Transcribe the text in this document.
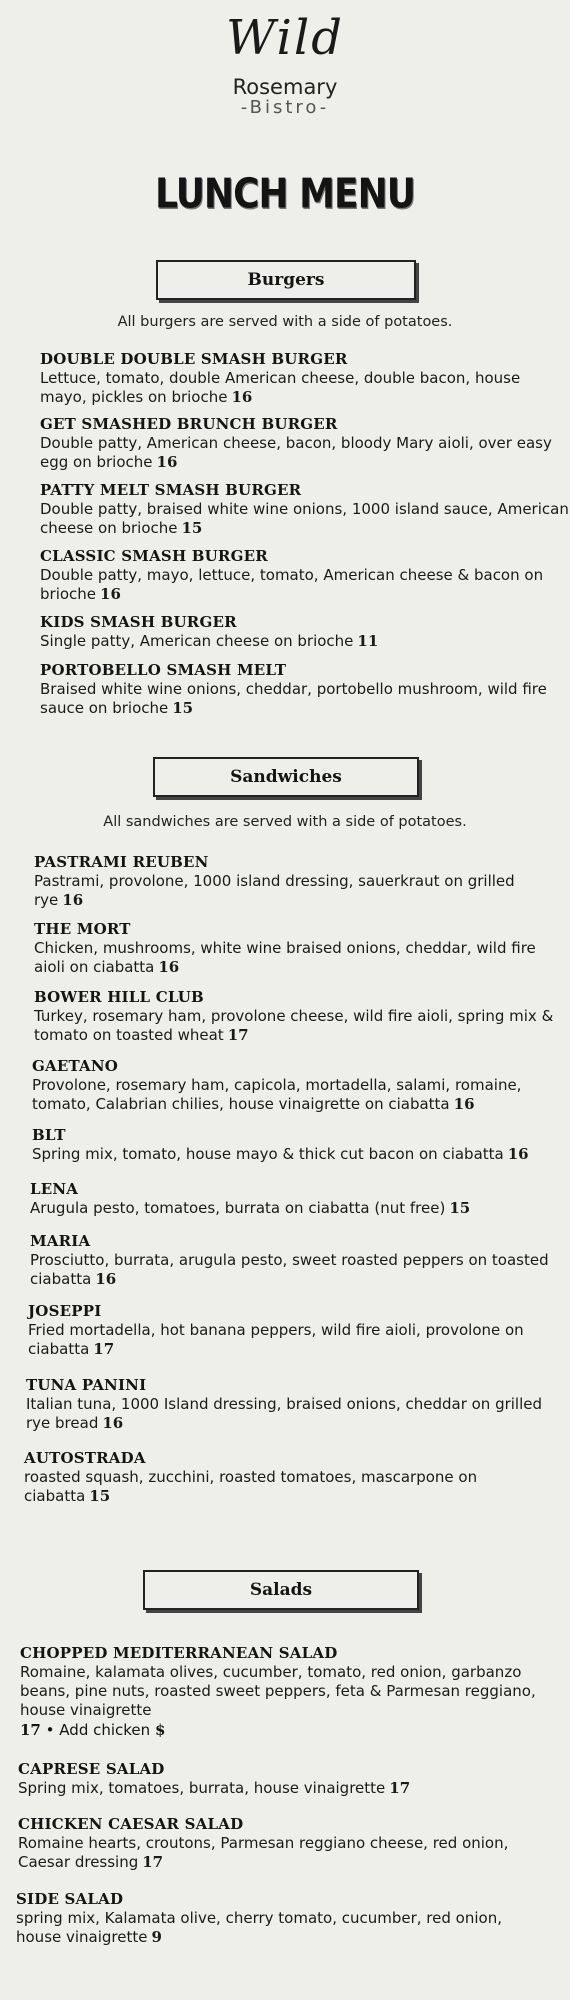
Wild
Rosemary
-Bistro-
LUNCH MENU
Burgers
All burgers are served with a side of potatoes.
DOUBLE DOUBLE SMASH BURGER
Lettuce, tomato, double American cheese, double bacon, house mayo, pickles on brioche 16
GET SMASHED BRUNCH BURGER
Double patty, American cheese, bacon, bloody Mary aioli, over easy egg on brioche 16
PATTY MELT SMASH BURGER
Double patty, braised white wine onions, 1000 island sauce, American cheese on brioche 15
CLASSIC SMASH BURGER
Double patty, mayo, lettuce, tomato, American cheese & bacon on brioche 16
KIDS SMASH BURGER
Single patty, American cheese on brioche 11
PORTOBELLO SMASH MELT
Braised white wine onions, cheddar, portobello mushroom, wild fire sauce on brioche 15
Sandwiches
All sandwiches are served with a side of potatoes.
PASTRAMI REUBEN
Pastrami, provolone, 1000 island dressing, sauerkraut on grilled rye 16
THE MORT
Chicken, mushrooms, white wine braised onions, cheddar, wild fire aioli on ciabatta 16
BOWER HILL CLUB
Turkey, rosemary ham, provolone cheese, wild fire aioli, spring mix & tomato on toasted wheat 17
GAETANO
Provolone, rosemary ham, capicola, mortadella, salami, romaine, tomato, Calabrian chilies, house vinaigrette on ciabatta 16
BLT
Spring mix, tomato, house mayo & thick cut bacon on ciabatta 16
LENA
Arugula pesto, tomatoes, burrata on ciabatta (nut free) 15
MARIA
Prosciutto, burrata, arugula pesto, sweet roasted peppers on toasted ciabatta 16
JOSEPPI
Fried mortadella, hot banana peppers, wild fire aioli, provolone on ciabatta 17
TUNA PANINI
Italian tuna, 1000 Island dressing, braised onions, cheddar on grilled rye bread 16
AUTOSTRADA
roasted squash, zucchini, roasted tomatoes, mascarpone on ciabatta 15
Salads
CHOPPED MEDITERRANEAN SALAD
Romaine, kalamata olives, cucumber, tomato, red onion, garbanzo beans, pine nuts, roasted sweet peppers, feta & Parmesan reggiano, house vinaigrette
17 • Add chicken $
CAPRESE SALAD
Spring mix, tomatoes, burrata, house vinaigrette 17
CHICKEN CAESAR SALAD
Romaine hearts, croutons, Parmesan reggiano cheese, red onion, Caesar dressing 17
SIDE SALAD
spring mix, Kalamata olive, cherry tomato, cucumber, red onion, house vinaigrette 9
